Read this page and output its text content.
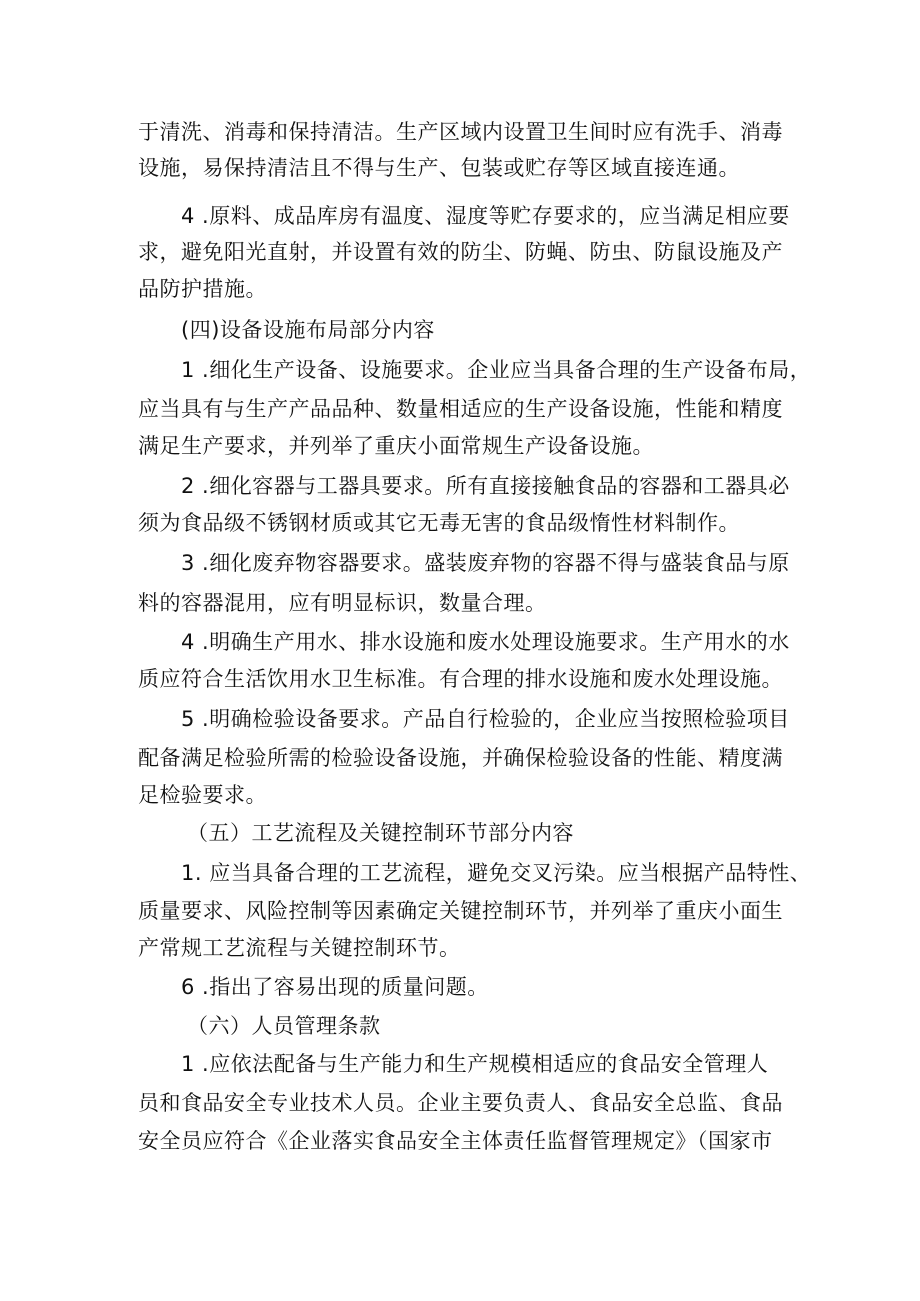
于清洗、消毒和保持清洁。生产区域内设置卫生间时应有洗手、消毒
设施，易保持清洁且不得与生产、包装或贮存等区域直接连通。
4 .原料、成品库房有温度、湿度等贮存要求的，应当满足相应要
求，避免阳光直射，并设置有效的防尘、防蝇、防虫、防鼠设施及产
品防护措施。
(四)设备设施布局部分内容
1 .细化生产设备、设施要求。企业应当具备合理的生产设备布局，
应当具有与生产产品品种、数量相适应的生产设备设施，性能和精度
满足生产要求，并列举了重庆小面常规生产设备设施。
2 .细化容器与工器具要求。所有直接接触食品的容器和工器具必
须为食品级不锈钢材质或其它无毒无害的食品级惰性材料制作。
3 .细化废弃物容器要求。盛装废弃物的容器不得与盛装食品与原
料的容器混用，应有明显标识，数量合理。
4 .明确生产用水、排水设施和废水处理设施要求。生产用水的水
质应符合生活饮用水卫生标准。有合理的排水设施和废水处理设施。
5 .明确检验设备要求。产品自行检验的，企业应当按照检验项目
配备满足检验所需的检验设备设施，并确保检验设备的性能、精度满
足检验要求。
（五）工艺流程及关键控制环节部分内容
1. 应当具备合理的工艺流程，避免交叉污染。应当根据产品特性、
质量要求、风险控制等因素确定关键控制环节，并列举了重庆小面生
产常规工艺流程与关键控制环节。
6 .指出了容易出现的质量问题。
（六）人员管理条款
1 .应依法配备与生产能力和生产规模相适应的食品安全管理人
员和食品安全专业技术人员。企业主要负责人、食品安全总监、食品
安全员应符合《企业落实食品安全主体责任监督管理规定》（国家市
